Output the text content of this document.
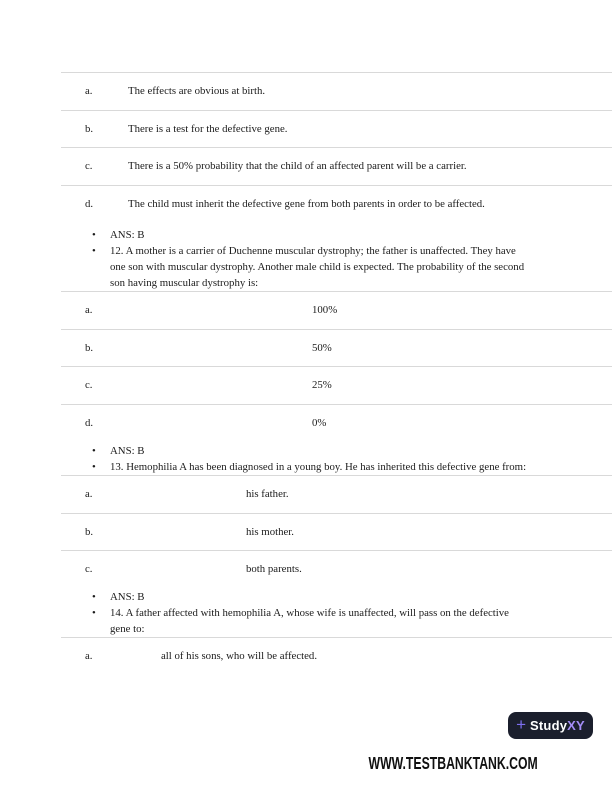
a.	The effects are obvious at birth.
b.	There is a test for the defective gene.
c.	There is a 50% probability that the child of an affected parent will be a carrier.
d.	The child must inherit the defective gene from both parents in order to be affected.
• ANS: B
• 12. A mother is a carrier of Duchenne muscular dystrophy; the father is unaffected. They have one son with muscular dystrophy. Another male child is expected. The probability of the second son having muscular dystrophy is:
a.	100%
b.	50%
c.	25%
d.	0%
• ANS: B
• 13. Hemophilia A has been diagnosed in a young boy. He has inherited this defective gene from:
a.	his father.
b.	his mother.
c.	both parents.
• ANS: B
• 14. A father affected with hemophilia A, whose wife is unaffected, will pass on the defective gene to:
a.	all of his sons, who will be affected.
+ StudyXY
WWW.TESTBANKTANK.COM
